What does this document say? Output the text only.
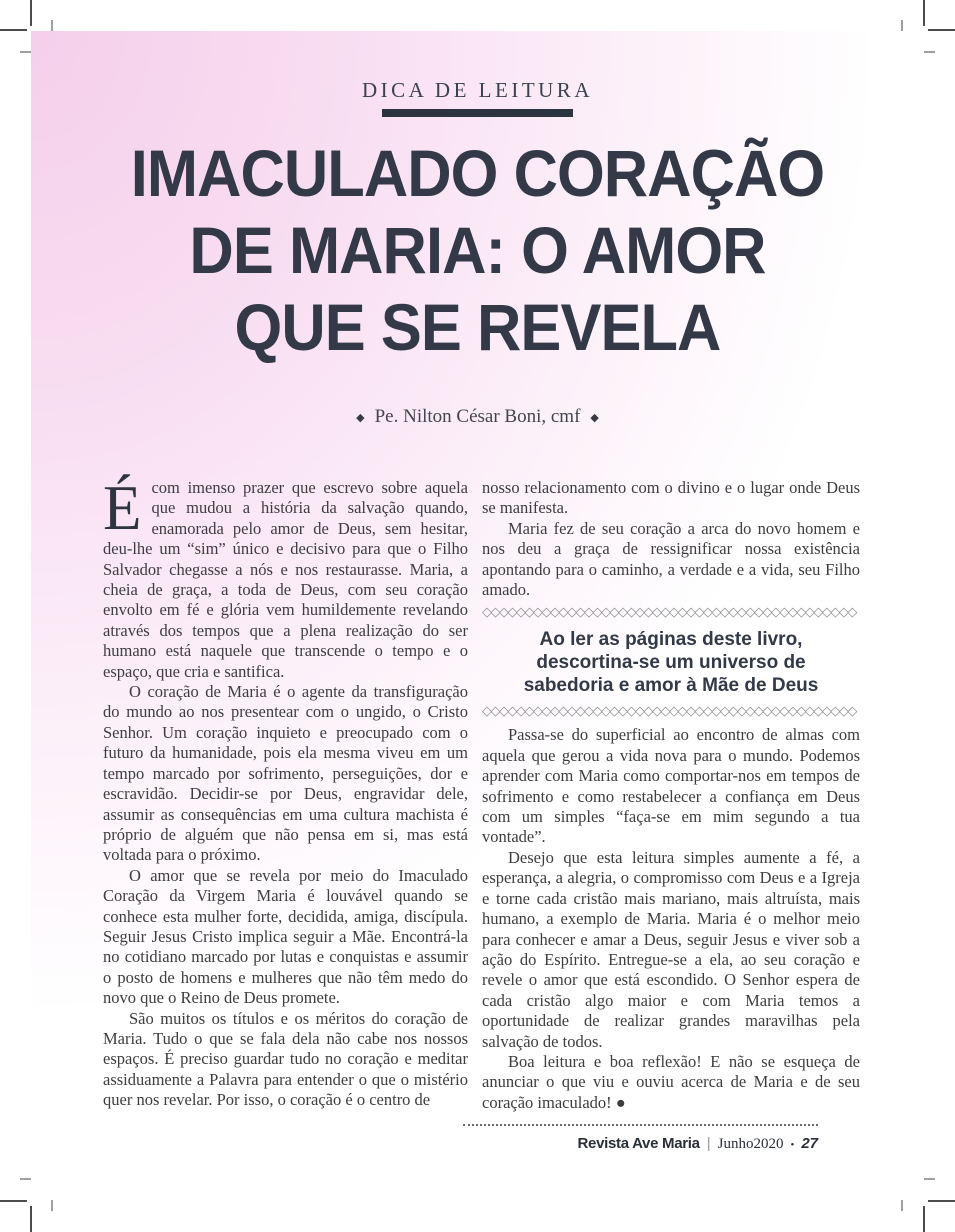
DICA DE LEITURA
IMACULADO CORAÇÃO
DE MARIA: O AMOR
QUE SE REVELA
◆ Pe. Nilton César Boni, cmf ◆

Écom imenso prazer que escrevo sobre aquela que mudou a história da salvação quando, enamorada pelo amor de Deus, sem hesitar, deu-lhe um “sim” único e decisivo para que o Filho Salvador chegasse a nós e nos restaurasse. Maria, a cheia de graça, a toda de Deus, com seu coração envolto em fé e glória vem humildemente revelando através dos tempos que a plena realização do ser humano está naquele que transcende o tempo e o espaço, que cria e santifica.

O coração de Maria é o agente da transfiguração do mundo ao nos presentear com o ungido, o Cristo Senhor. Um coração inquieto e preocupado com o futuro da humanidade, pois ela mesma viveu em um tempo marcado por sofrimento, perseguições, dor e escravidão. Decidir-se por Deus, engravidar dele, assumir as consequências em uma cultura machista é próprio de alguém que não pensa em si, mas está voltada para o próximo.

O amor que se revela por meio do Imaculado Coração da Virgem Maria é louvável quando se conhece esta mulher forte, decidida, amiga, discípula. Seguir Jesus Cristo implica seguir a Mãe. Encontrá-la no cotidiano marcado por lutas e conquistas e assumir o posto de homens e mulheres que não têm medo do novo que o Reino de Deus promete.

São muitos os títulos e os méritos do coração de Maria. Tudo o que se fala dela não cabe nos nossos espaços. É preciso guardar tudo no coração e meditar assiduamente a Palavra para entender o que o mistério quer nos revelar. Por isso, o coração é o centro de

nosso relacionamento com o divino e o lugar onde Deus se manifesta.

Maria fez de seu coração a arca do novo homem e nos deu a graça de ressignificar nossa existência apontando para o caminho, a verdade e a vida, seu Filho amado.

◇◇◇◇◇◇◇◇◇◇◇◇◇◇◇◇◇◇◇◇◇◇◇◇◇◇◇◇◇◇◇◇◇◇◇◇◇◇◇◇◇◇◇◇
Ao ler as páginas deste livro,
descortina-se um universo de
sabedoria e amor à Mãe de Deus
◇◇◇◇◇◇◇◇◇◇◇◇◇◇◇◇◇◇◇◇◇◇◇◇◇◇◇◇◇◇◇◇◇◇◇◇◇◇◇◇◇◇◇◇

Passa-se do superficial ao encontro de almas com aquela que gerou a vida nova para o mundo. Podemos aprender com Maria como comportar-nos em tempos de sofrimento e como restabelecer a confiança em Deus com um simples “faça-se em mim segundo a tua vontade”.

Desejo que esta leitura simples aumente a fé, a esperança, a alegria, o compromisso com Deus e a Igreja e torne cada cristão mais mariano, mais altruísta, mais humano, a exemplo de Maria. Maria é o melhor meio para conhecer e amar a Deus, seguir Jesus e viver sob a ação do Espírito. Entregue-se a ela, ao seu coração e revele o amor que está escondido. O Senhor espera de cada cristão algo maior e com Maria temos a oportunidade de realizar grandes maravilhas pela salvação de todos.

Boa leitura e boa reflexão! E não se esqueça de anunciar o que viu e ouviu acerca de Maria e de seu coração imaculado! ●

Revista Ave Maria | Junho2020 • 27
